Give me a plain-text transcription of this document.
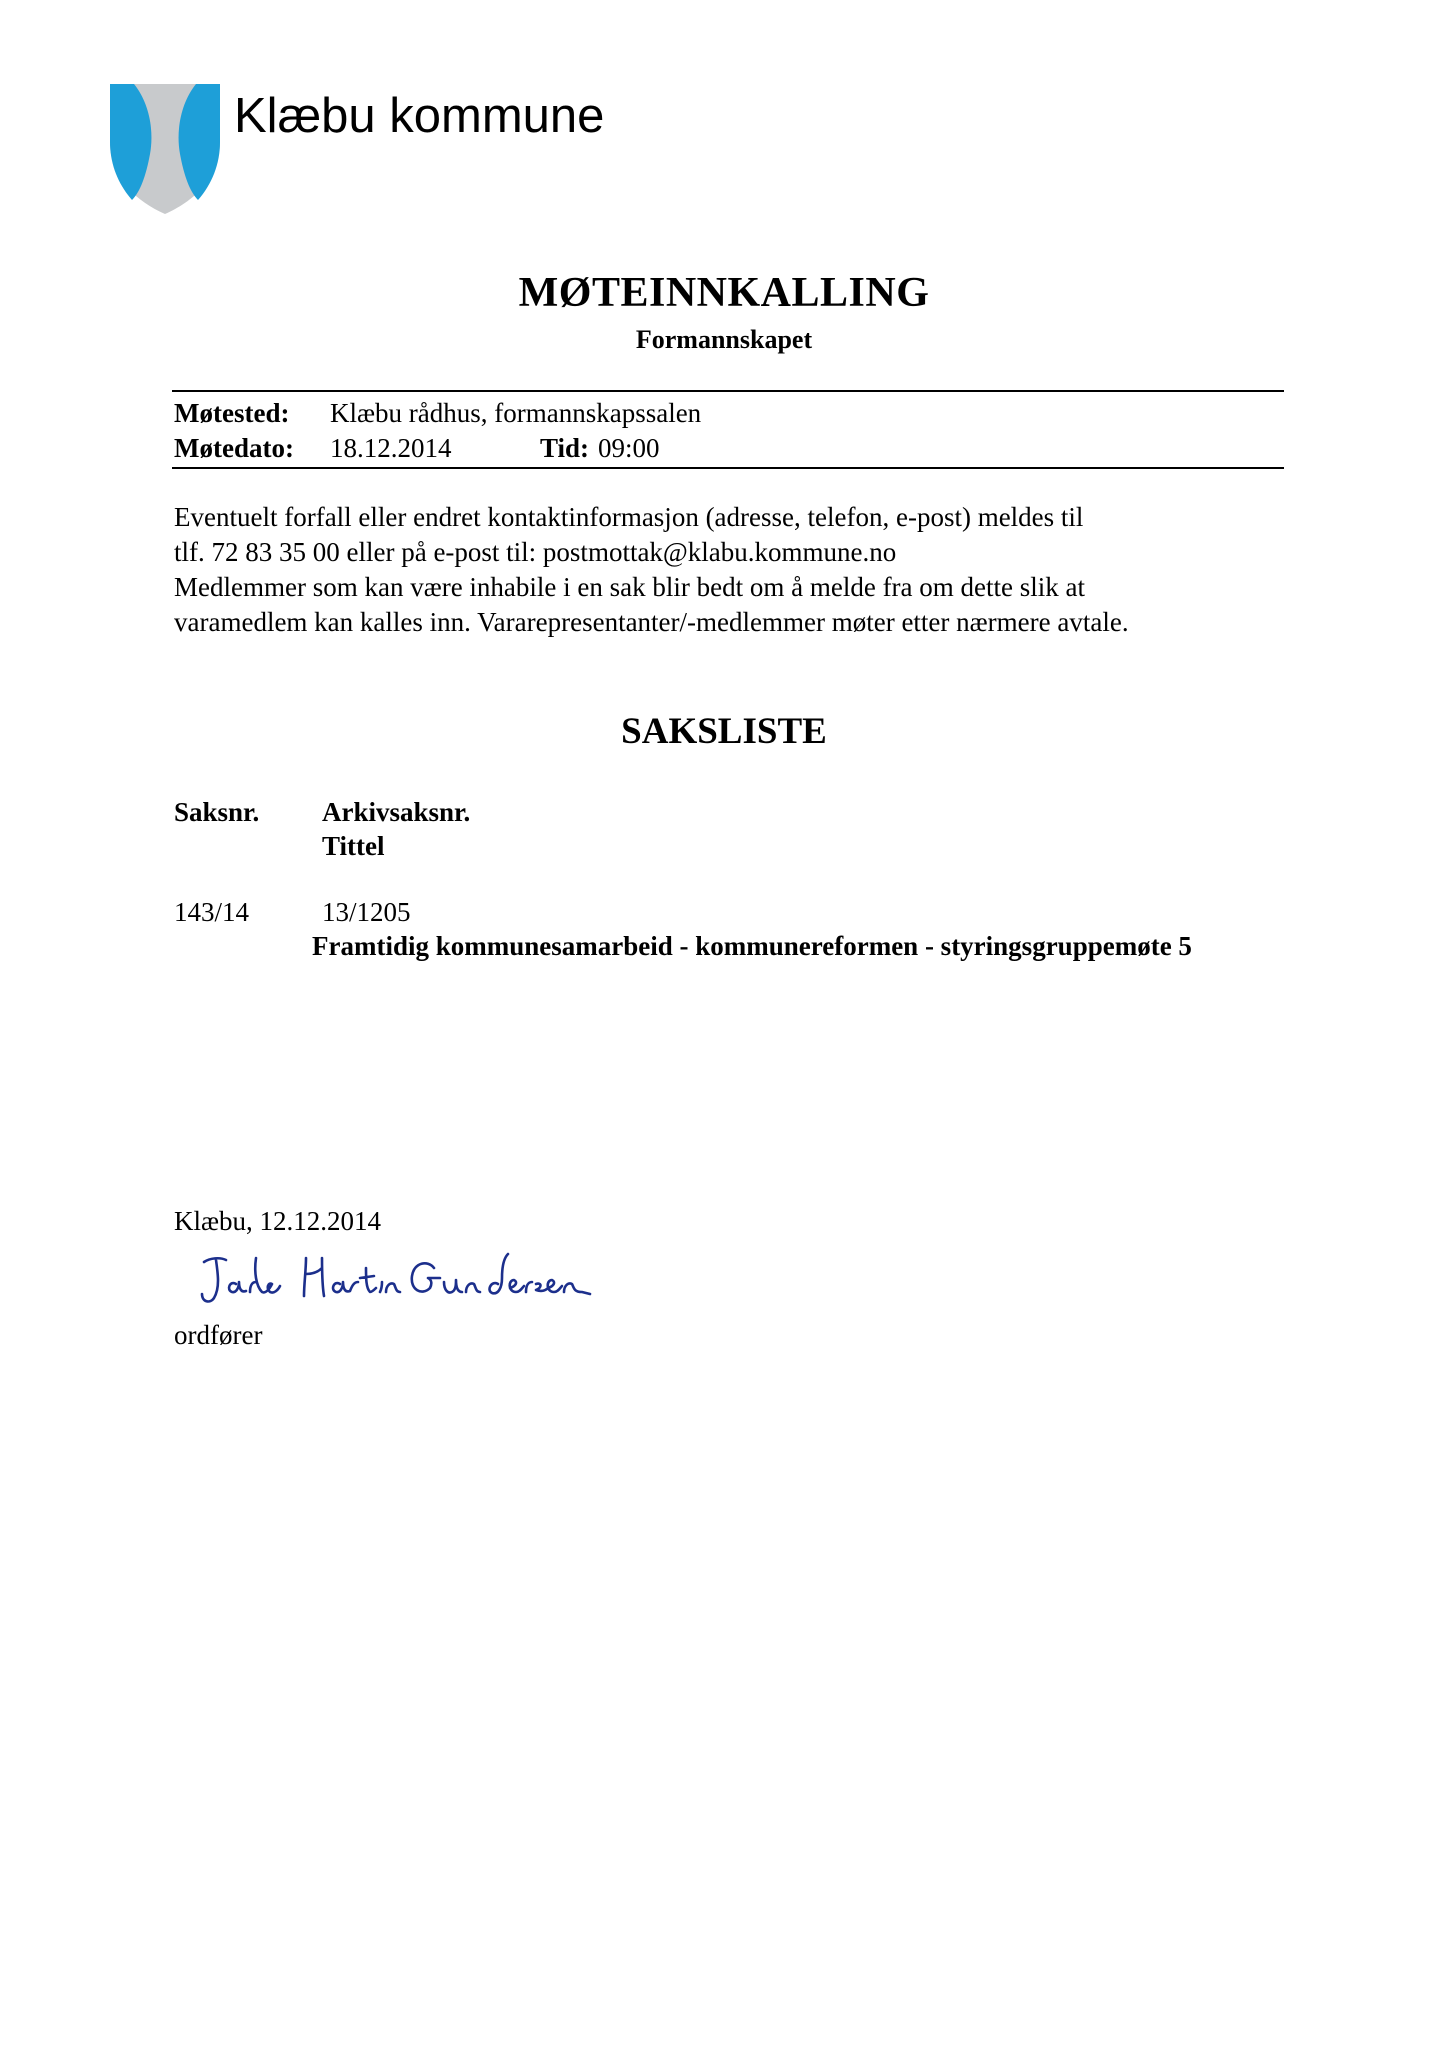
Klæbu kommune
MØTEINNKALLING
Formannskapet
Møtested: Klæbu rådhus, formannskapssalen
Møtedato: 18.12.2014	Tid: 09:00
Eventuelt forfall eller endret kontaktinformasjon (adresse, telefon, e-post) meldes til
tlf. 72 83 35 00 eller på e-post til: postmottak@klabu.kommune.no
Medlemmer som kan være inhabile i en sak blir bedt om å melde fra om dette slik at
varamedlem kan kalles inn. Vararepresentanter/-medlemmer møter etter nærmere avtale.
SAKSLISTE
Saksnr. Arkivsaksnr.
Tittel
143/14	13/1205
Framtidig kommunesamarbeid - kommunereformen - styringsgruppemøte 5
Klæbu, 12.12.2014
ordfører
